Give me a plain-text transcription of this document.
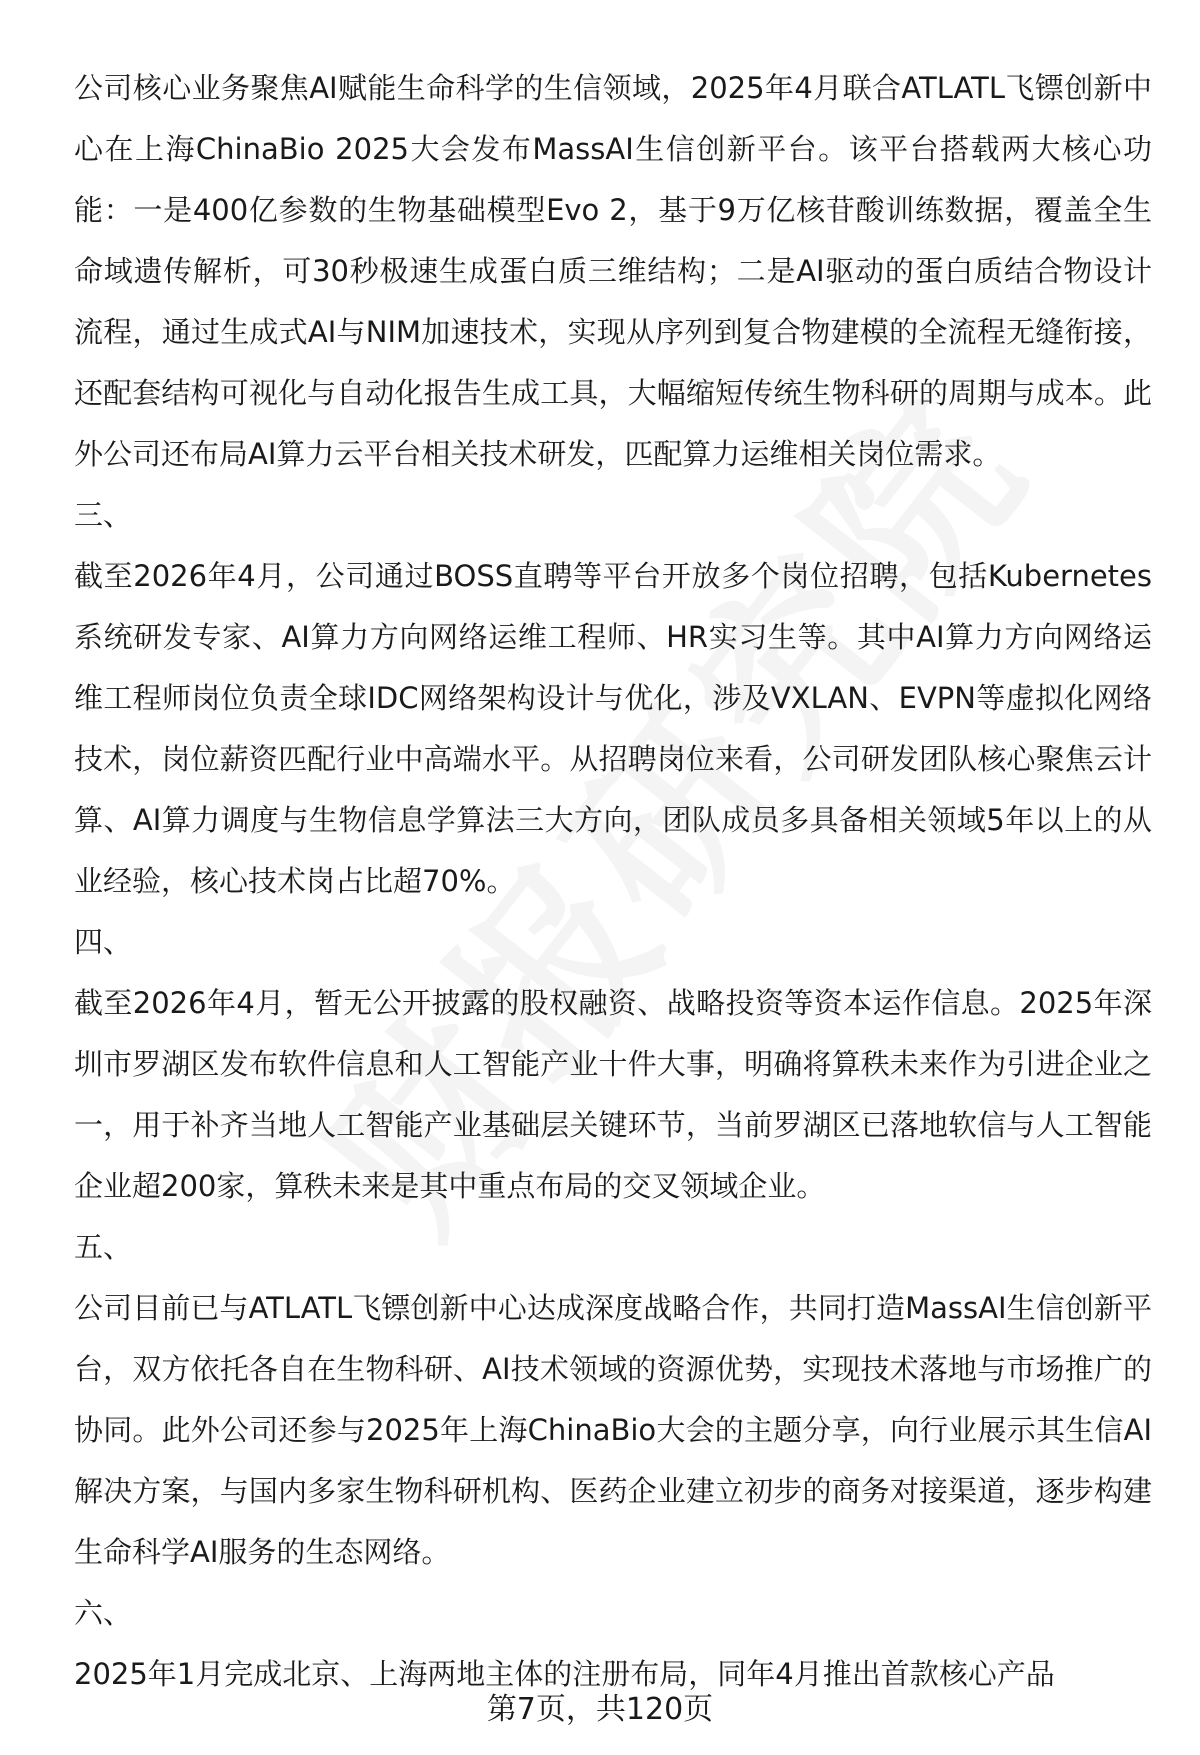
公司核心业务聚焦AI赋能生命科学的生信领域，2025年4月联合ATLATL飞镖创新中心在上海ChinaBio 2025大会发布MassAI生信创新平台。该平台搭载两大核心功能：一是400亿参数的生物基础模型Evo 2，基于9万亿核苷酸训练数据，覆盖全生命域遗传解析，可30秒极速生成蛋白质三维结构；二是AI驱动的蛋白质结合物设计流程，通过生成式AI与NIM加速技术，实现从序列到复合物建模的全流程无缝衔接，还配套结构可视化与自动化报告生成工具，大幅缩短传统生物科研的周期与成本。此外公司还布局AI算力云平台相关技术研发，匹配算力运维相关岗位需求。

三、

截至2026年4月，公司通过BOSS直聘等平台开放多个岗位招聘，包括Kubernetes系统研发专家、AI算力方向网络运维工程师、HR实习生等。其中AI算力方向网络运维工程师岗位负责全球IDC网络架构设计与优化，涉及VXLAN、EVPN等虚拟化网络技术，岗位薪资匹配行业中高端水平。从招聘岗位来看，公司研发团队核心聚焦云计算、AI算力调度与生物信息学算法三大方向，团队成员多具备相关领域5年以上的从业经验，核心技术岗占比超70%。

四、

截至2026年4月，暂无公开披露的股权融资、战略投资等资本运作信息。2025年深圳市罗湖区发布软件信息和人工智能产业十件大事，明确将算秩未来作为引进企业之一，用于补齐当地人工智能产业基础层关键环节，当前罗湖区已落地软信与人工智能企业超200家，算秩未来是其中重点布局的交叉领域企业。

五、

公司目前已与ATLATL飞镖创新中心达成深度战略合作，共同打造MassAI生信创新平台，双方依托各自在生物科研、AI技术领域的资源优势，实现技术落地与市场推广的协同。此外公司还参与2025年上海ChinaBio大会的主题分享，向行业展示其生信AI解决方案，与国内多家生物科研机构、医药企业建立初步的商务对接渠道，逐步构建生命科学AI服务的生态网络。

六、

2025年1月完成北京、上海两地主体的注册布局，同年4月推出首款核心产品

第7页，共120页
